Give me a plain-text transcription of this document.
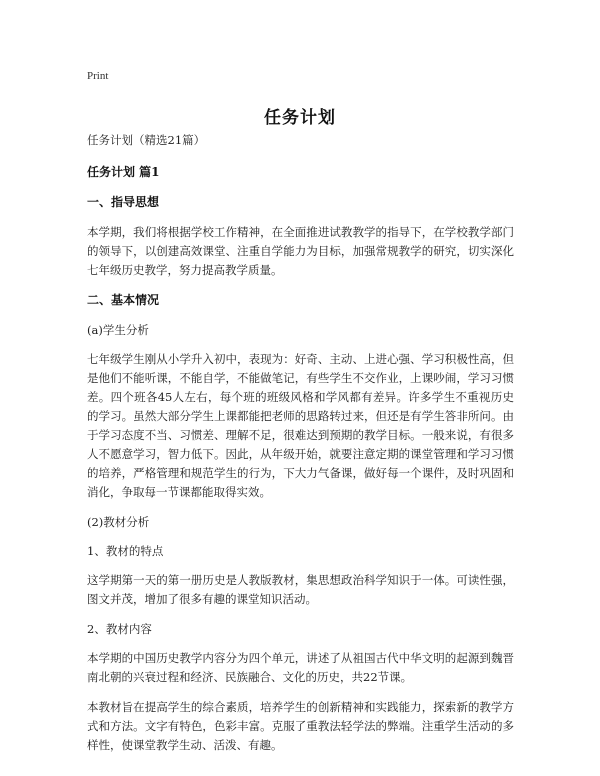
Print
任务计划

任务计划（精选21篇）

任务计划 篇1

一、指导思想

本学期，我们将根据学校工作精神，在全面推进试教教学的指导下，在学校教学部门的领导下，以创建高效课堂、注重自学能力为目标，加强常规教学的研究，切实深化七年级历史教学，努力提高教学质量。

二、基本情况

(a)学生分析

七年级学生刚从小学升入初中，表现为：好奇、主动、上进心强、学习积极性高，但是他们不能听课，不能自学，不能做笔记，有些学生不交作业，上课吵闹，学习习惯差。四个班各45人左右，每个班的班级风格和学风都有差异。许多学生不重视历史的学习。虽然大部分学生上课都能把老师的思路转过来，但还是有学生答非所问。由于学习态度不当、习惯差、理解不足，很难达到预期的教学目标。一般来说，有很多人不愿意学习，智力低下。因此，从年级开始，就要注意定期的课堂管理和学习习惯的培养，严格管理和规范学生的行为，下大力气备课，做好每一个课件，及时巩固和消化，争取每一节课都能取得实效。

(2)教材分析

1、教材的特点

这学期第一天的第一册历史是人教版教材，集思想政治科学知识于一体。可读性强，图文并茂，增加了很多有趣的课堂知识活动。

2、教材内容

本学期的中国历史教学内容分为四个单元，讲述了从祖国古代中华文明的起源到魏晋南北朝的兴衰过程和经济、民族融合、文化的历史，共22节课。

本教材旨在提高学生的综合素质，培养学生的创新精神和实践能力，探索新的教学方式和方法。文字有特色，色彩丰富。克服了重教法轻学法的弊端。注重学生活动的多样性，使课堂教学生动、活泼、有趣。
